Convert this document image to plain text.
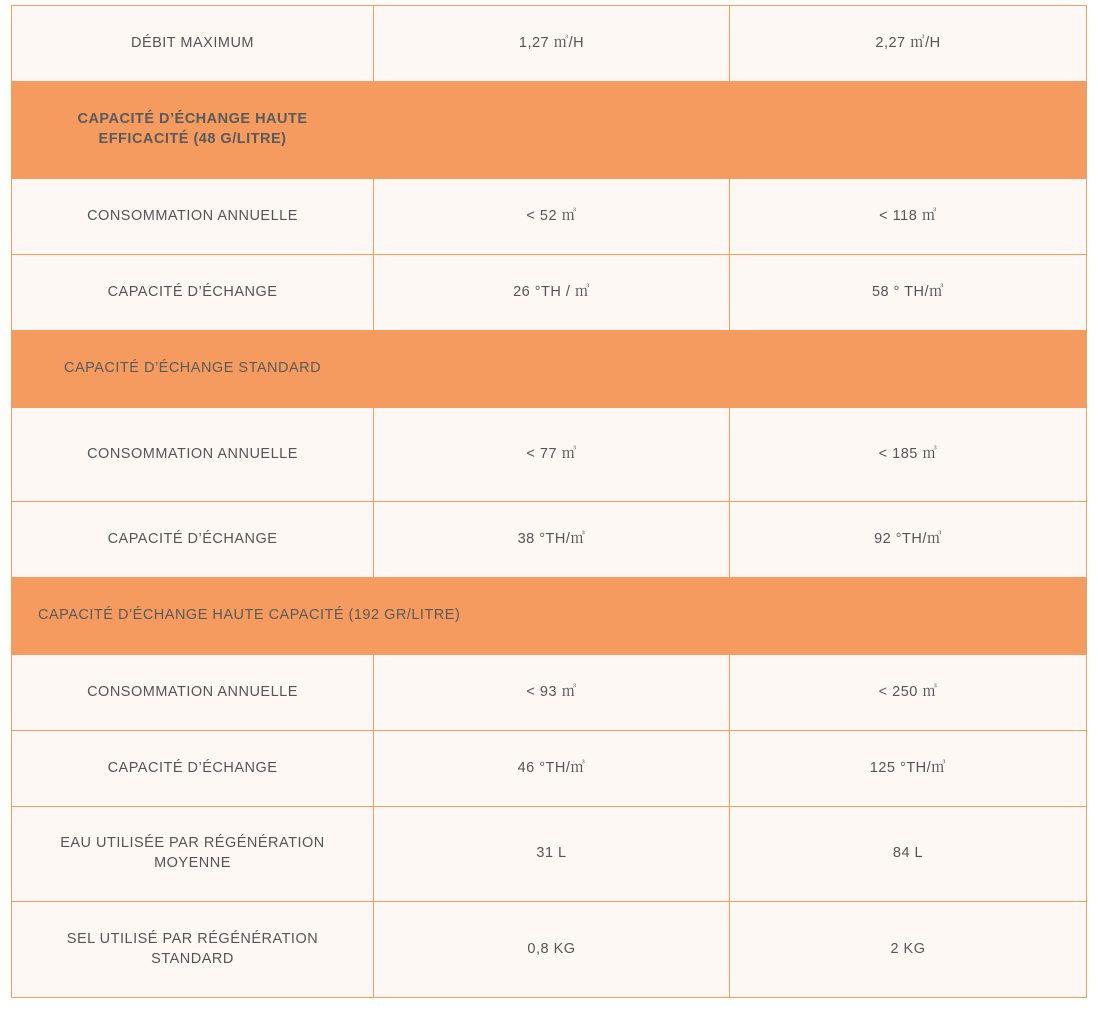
DÉBIT MAXIMUM	1,27 ㎥/H	2,27 ㎥/H
CAPACITÉ D’ÉCHANGE HAUTE EFFICACITÉ (48 G/LITRE)		
CONSOMMATION ANNUELLE	< 52 ㎥	< 118 ㎥
CAPACITÉ D’ÉCHANGE	26 °TH / ㎥	58 ° TH/㎥
CAPACITÉ D’ÉCHANGE STANDARD		
CONSOMMATION ANNUELLE	< 77 ㎥	< 185 ㎥
CAPACITÉ D’ÉCHANGE	38 °TH/㎥	92 °TH/㎥
CAPACITÉ D’ÉCHANGE HAUTE CAPACITÉ (192 GR/LITRE)		
CONSOMMATION ANNUELLE	< 93 ㎥	< 250 ㎥
CAPACITÉ D’ÉCHANGE	46 °TH/㎥	125 °TH/㎥
EAU UTILISÉE PAR RÉGÉNÉRATION MOYENNE	31 L	84 L
SEL UTILISÉ PAR RÉGÉNÉRATION STANDARD	0,8 KG	2 KG
